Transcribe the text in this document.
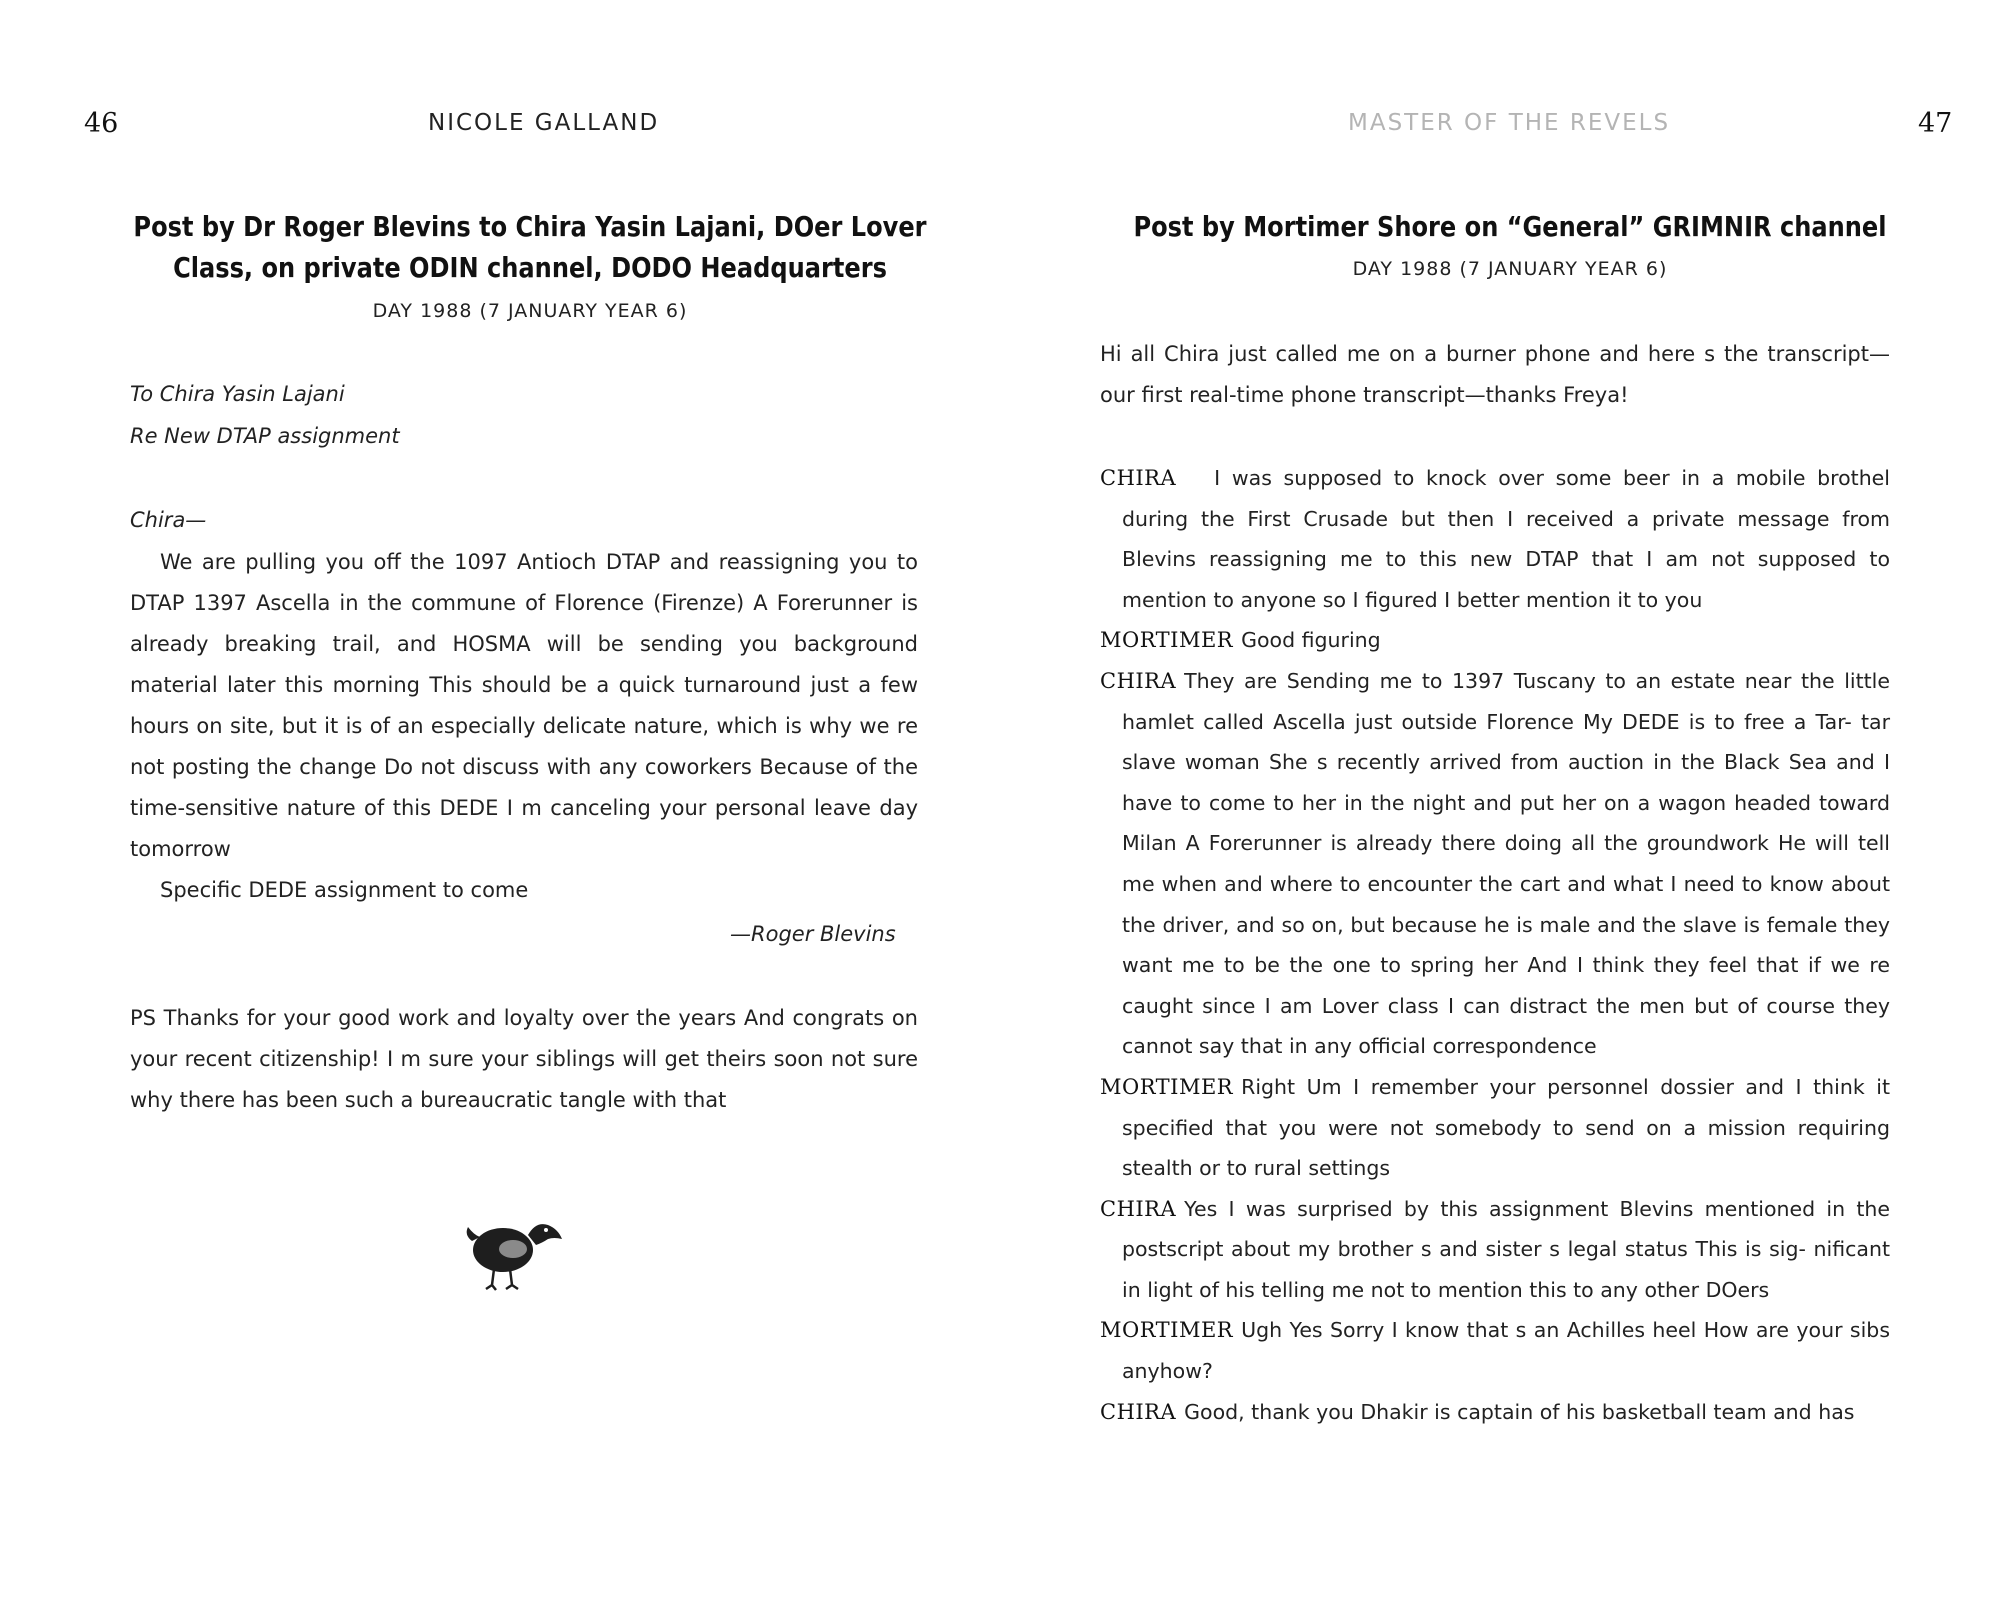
46	NICOLE GALLAND
Post by Dr Roger Blevins to Chira Yasin Lajani, DOer Lover
Class, on private ODIN channel, DODO Headquarters
DAY 1988 (7 JANUARY YEAR 6)
To Chira Yasin Lajani
Re New DTAP assignment
Chira—
We are pulling you off the 1097 Antioch DTAP and reassigning you to DTAP 1397 Ascella in the commune of Florence (Firenze) A Forerunner is already breaking trail, and HOSMA will be sending you background material later this morning This should be a quick turnaround just a few hours on site, but it is of an especially delicate nature, which is why we re not posting the change Do not discuss with any coworkers Because of the time-sensitive nature of this DEDE I m canceling your personal leave day tomorrow
Specific DEDE assignment to come
—Roger Blevins
PS Thanks for your good work and loyalty over the years And congrats on your recent citizenship! I m sure your siblings will get theirs soon not sure why there has been such a bureaucratic tangle with that
MASTER OF THE REVELS	47
Post by Mortimer Shore on “General” GRIMNIR channel
DAY 1988 (7 JANUARY YEAR 6)
Hi all Chira just called me on a burner phone and here s the transcript— our first real-time phone transcript—thanks Freya!

CHIRA I was supposed to knock over some beer in a mobile brothel during the First Crusade but then I received a private message from Blevins reassigning me to this new DTAP that I am not supposed to mention to anyone so I figured I better mention it to you

MORTIMER Good figuring

CHIRA They are Sending me to 1397 Tuscany to an estate near the little hamlet called Ascella just outside Florence My DEDE is to free a Tar- tar slave woman She s recently arrived from auction in the Black Sea and I have to come to her in the night and put her on a wagon headed toward Milan A Forerunner is already there doing all the groundwork He will tell me when and where to encounter the cart and what I need to know about the driver, and so on, but because he is male and the slave is female they want me to be the one to spring her And I think they feel that if we re caught since I am Lover class I can distract the men but of course they cannot say that in any official correspondence

MORTIMER Right Um I remember your personnel dossier and I think it specified that you were not somebody to send on a mission requiring stealth or to rural settings

CHIRA Yes I was surprised by this assignment Blevins mentioned in the postscript about my brother s and sister s legal status This is sig- nificant in light of his telling me not to mention this to any other DOers

MORTIMER Ugh Yes Sorry I know that s an Achilles heel How are your sibs anyhow?

CHIRA Good, thank you Dhakir is captain of his basketball team and has
